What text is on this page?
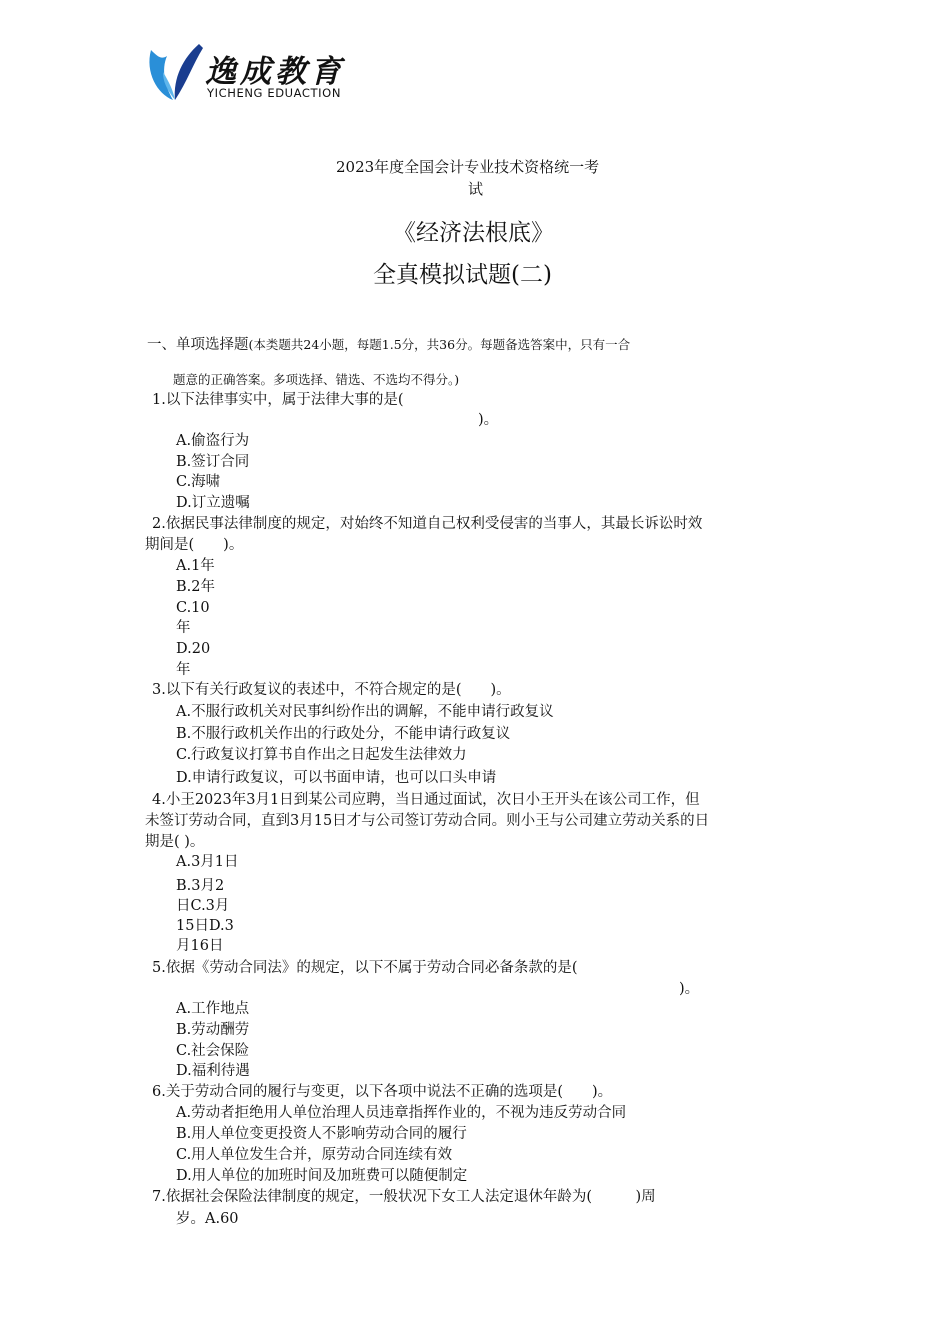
逸成教育
YICHENG EDUACTION
2023年度全国会计专业技术资格统一考
试
《经济法根底》
全真模拟试题(二)
一、单项选择题(本类题共24小题，每题1.5分，共36分。每题备选答案中，只有一合
题意的正确答案。多项选择、错选、不选均不得分。)
1.以下法律事实中，属于法律大事的是(
)。
A.偷盗行为
B.签订合同
C.海啸
D.订立遗嘱
2.依据民事法律制度的规定，对始终不知道自己权利受侵害的当事人，其最长诉讼时效
期间是(　　)。
A.1年
B.2年
C.10
年
D.20
年
3.以下有关行政复议的表述中，不符合规定的是(　　)。
A.不服行政机关对民事纠纷作出的调解，不能申请行政复议
B.不服行政机关作出的行政处分，不能申请行政复议
C.行政复议打算书自作出之日起发生法律效力
D.申请行政复议，可以书面申请，也可以口头申请
4.小王2023年3月1日到某公司应聘，当日通过面试，次日小王开头在该公司工作，但
未签订劳动合同，直到3月15日才与公司签订劳动合同。则小王与公司建立劳动关系的日
期是( )。
A.3月1日
B.3月2
日C.3月
15日D.3
月16日
5.依据《劳动合同法》的规定，以下不属于劳动合同必备条款的是(
)。
A.工作地点
B.劳动酬劳
C.社会保险
D.福利待遇
6.关于劳动合同的履行与变更，以下各项中说法不正确的选项是(　　)。
A.劳动者拒绝用人单位治理人员违章指挥作业的，不视为违反劳动合同
B.用人单位变更投资人不影响劳动合同的履行
C.用人单位发生合并，原劳动合同连续有效
D.用人单位的加班时间及加班费可以随便制定
7.依据社会保险法律制度的规定，一般状况下女工人法定退休年龄为(　　　)周
岁。A.60
